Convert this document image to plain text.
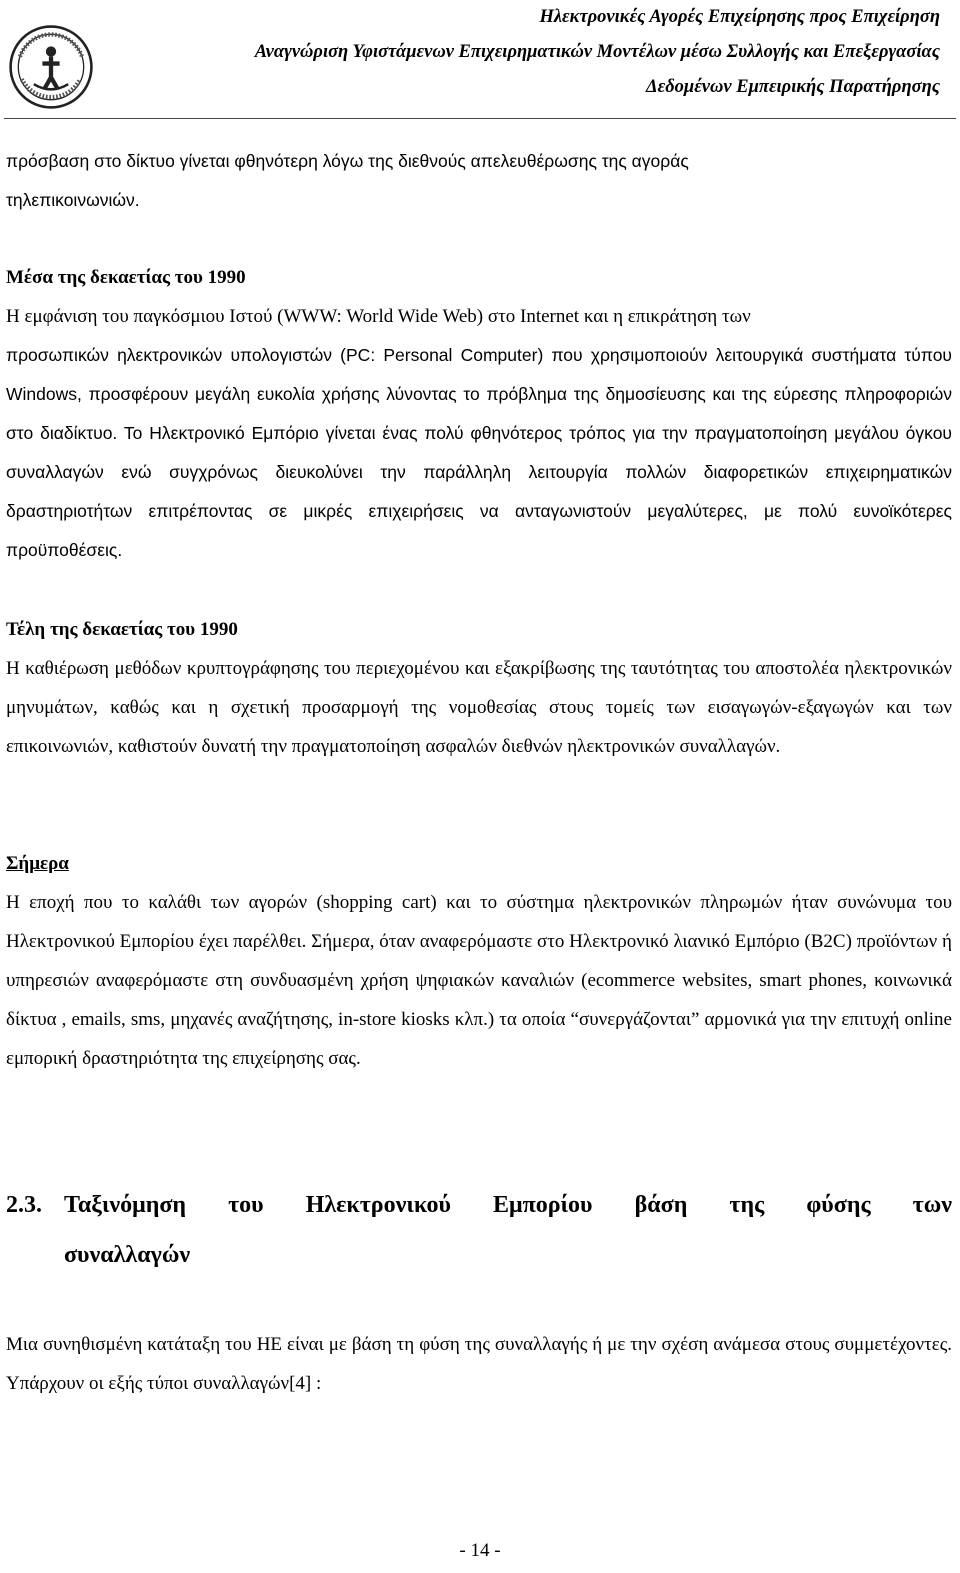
Ηλεκτρονικές Αγορές Επιχείρησης προς Επιχείρηση
Αναγνώριση Υφιστάμενων Επιχειρηματικών Μοντέλων μέσω Συλλογής και Επεξεργασίας
Δεδομένων Εμπειρικής Παρατήρησης
πρόσβαση στο δίκτυο γίνεται φθηνότερη λόγω της διεθνούς απελευθέρωσης της αγοράς
τηλεπικοινωνιών.
Μέσα της δεκαετίας του 1990
Η εμφάνιση του παγκόσμιου Ιστού (WWW: World Wide Web) στο Internet και η επικράτηση των
προσωπικών ηλεκτρονικών υπολογιστών (PC: Personal Computer) που χρησιμοποιούν λειτουργικά συστήματα τύπου Windows, προσφέρουν μεγάλη ευκολία χρήσης λύνοντας το πρόβλημα της δημοσίευσης και της εύρεσης πληροφοριών στο διαδίκτυο. Το Ηλεκτρονικό Εμπόριο γίνεται ένας πολύ φθηνότερος τρόπος για την πραγματοποίηση μεγάλου όγκου συναλλαγών ενώ συγχρόνως διευκολύνει την παράλληλη λειτουργία πολλών διαφορετικών επιχειρηματικών δραστηριοτήτων επιτρέποντας σε μικρές επιχειρήσεις να ανταγωνιστούν μεγαλύτερες, με πολύ ευνοϊκότερες προϋποθέσεις.
Τέλη της δεκαετίας του 1990
Η καθιέρωση μεθόδων κρυπτογράφησης του περιεχομένου και εξακρίβωσης της ταυτότητας του αποστολέα ηλεκτρονικών μηνυμάτων, καθώς και η σχετική προσαρμογή της νομοθεσίας στους τομείς των εισαγωγών-εξαγωγών και των επικοινωνιών, καθιστούν δυνατή την πραγματοποίηση ασφαλών διεθνών ηλεκτρονικών συναλλαγών.
Σήμερα
Η εποχή που το καλάθι των αγορών (shopping cart) και το σύστημα ηλεκτρονικών πληρωμών ήταν συνώνυμα του Ηλεκτρονικού Εμπορίου έχει παρέλθει. Σήμερα, όταν αναφερόμαστε στο Ηλεκτρονικό λιανικό Εμπόριο (B2C) προϊόντων ή υπηρεσιών αναφερόμαστε στη συνδυασμένη χρήση ψηφιακών καναλιών (ecommerce websites, smart phones, κοινωνικά δίκτυα , emails, sms, μηχανές αναζήτησης, in-store kiosks κλπ.) τα οποία “συνεργάζονται” αρμονικά για την επιτυχή online εμπορική δραστηριότητα της επιχείρησης σας.
2.3. Ταξινόμηση του Ηλεκτρονικού Εμπορίου βάση της φύσης των
συναλλαγών
Μια συνηθισμένη κατάταξη του ΗΕ είναι με βάση τη φύση της συναλλαγής ή με την σχέση ανάμεσα στους συμμετέχοντες. Υπάρχουν οι εξής τύποι συναλλαγών[4] :
- 14 -
